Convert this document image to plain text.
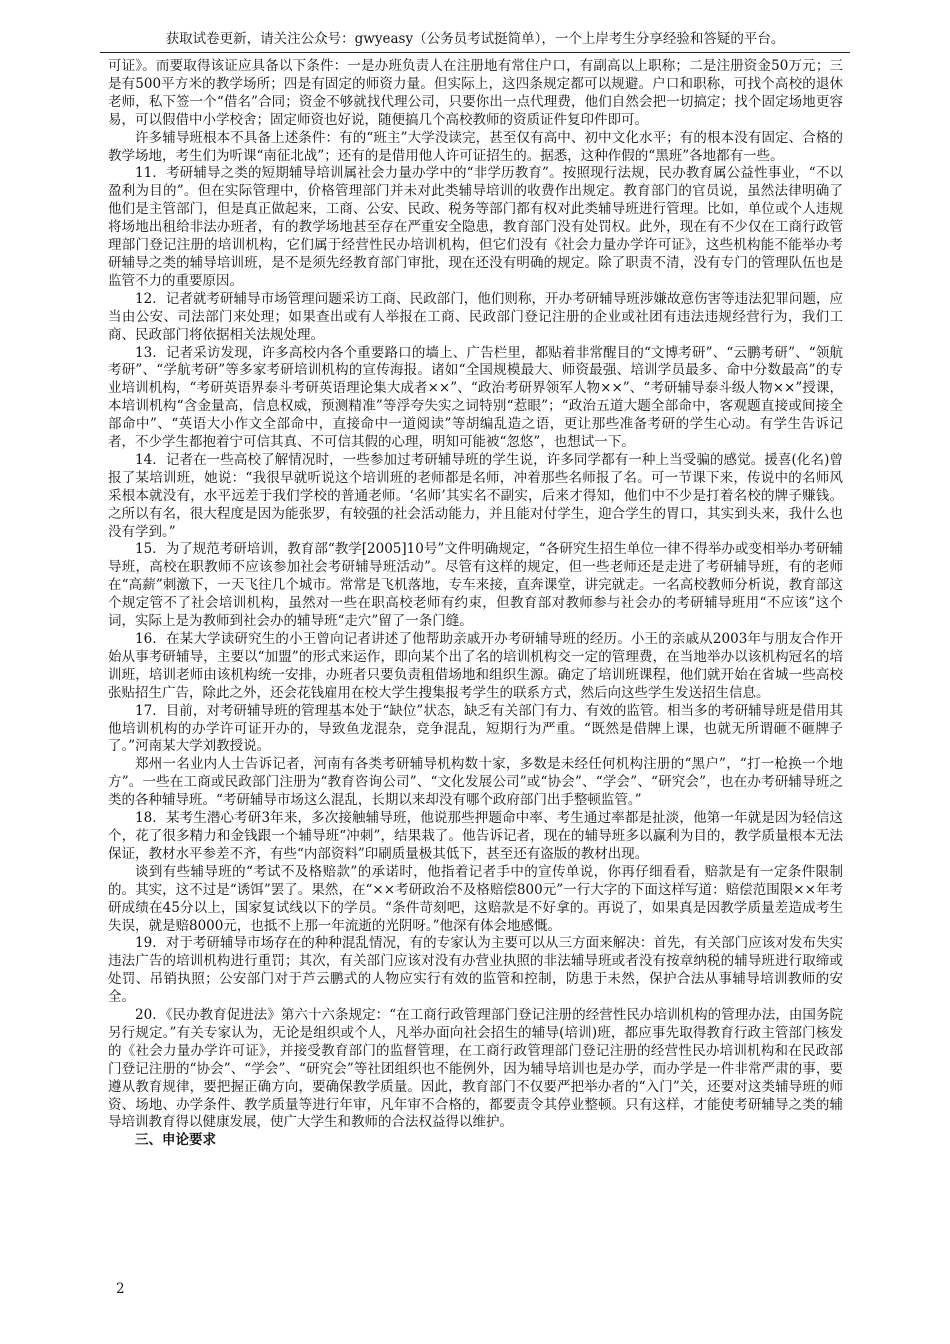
获取试卷更新，请关注公众号：gwyeasy（公务员考试挺简单），一个上岸考生分享经验和答疑的平台。

可证》。而要取得该证应具备以下条件：一是办班负责人在注册地有常住户口，有副高以上职称；二是注册资金50万元；三是有500平方米的教学场所；四是有固定的师资力量。但实际上，这四条规定都可以规避。户口和职称，可找个高校的退休老师，私下签一个“借名”合同；资金不够就找代理公司，只要你出一点代理费，他们自然会把一切搞定；找个固定场地更容易，可以假借中小学校舍；固定师资也好说，随便搞几个高校教师的资质证件复印件即可。

许多辅导班根本不具备上述条件：有的“班主”大学没读完，甚至仅有高中、初中文化水平；有的根本没有固定、合格的教学场地，考生们为听课“南征北战”；还有的是借用他人许可证招生的。据悉，这种作假的“黑班”各地都有一些。

11．考研辅导之类的短期辅导培训属社会力量办学中的“非学历教育”。按照现行法规，民办教育属公益性事业，“不以盈利为目的”。但在实际管理中，价格管理部门并未对此类辅导培训的收费作出规定。教育部门的官员说，虽然法律明确了他们是主管部门，但是真正做起来，工商、公安、民政、税务等部门都有权对此类辅导班进行管理。比如，单位或个人违规将场地出租给非法办班者，有的教学场地甚至存在严重安全隐患，教育部门没有处罚权。此外，现在有不少仅在工商行政管理部门登记注册的培训机构，它们属于经营性民办培训机构，但它们没有《社会力量办学许可证》，这些机构能不能举办考研辅导之类的辅导培训班，是不是须先经教育部门审批，现在还没有明确的规定。除了职责不清，没有专门的管理队伍也是监管不力的重要原因。

12．记者就考研辅导市场管理问题采访工商、民政部门，他们则称，开办考研辅导班涉嫌故意伤害等违法犯罪问题，应当由公安、司法部门来处理；如果查出或有人举报在工商、民政部门登记注册的企业或社团有违法违规经营行为，我们工商、民政部门将依据相关法规处理。

13．记者采访发现，许多高校内各个重要路口的墙上、广告栏里，都贴着非常醒目的“文博考研”、“云鹏考研”、“领航考研”、“学航考研”等多家考研培训机构的宣传海报。诸如“全国规模最大、师资最强、培训学员最多、命中分数最高”的专业培训机构，“考研英语界泰斗考研英语理论集大成者××”、“政治考研界领军人物××”、“考研辅导泰斗级人物××”授课，本培训机构“含金量高，信息权威，预测精准”等浮夸失实之词特别“惹眼”；“政治五道大题全部命中，客观题直接或间接全部命中”、“英语大小作文全部命中，直接命中一道阅读”等胡编乱造之语，更让那些准备考研的学生心动。有学生告诉记者，不少学生都抱着宁可信其真、不可信其假的心理，明知可能被“忽悠”，也想试一下。

14．记者在一些高校了解情况时，一些参加过考研辅导班的学生说，许多同学都有一种上当受骗的感觉。援喜(化名)曾报了某培训班，她说：“我很早就听说这个培训班的老师都是名师，冲着那些名师报了名。可一节课下来，传说中的名师风采根本就没有，水平远差于我们学校的普通老师。‘名师’其实名不副实，后来才得知，他们中不少是打着名校的牌子赚钱。之所以有名，很大程度是因为能张罗，有较强的社会活动能力，并且能对付学生，迎合学生的胃口，其实到头来，我什么也没有学到。”

15．为了规范考研培训，教育部“教学[2005]10号”文件明确规定，“各研究生招生单位一律不得举办或变相举办考研辅导班，高校在职教师不应该参加社会考研辅导班活动”。尽管有这样的规定，但一些老师还是走进了考研辅导班，有的老师在“高薪”刺激下，一天飞往几个城市。常常是飞机落地，专车来接，直奔课堂，讲完就走。一名高校教师分析说，教育部这个规定管不了社会培训机构，虽然对一些在职高校老师有约束，但教育部对教师参与社会办的考研辅导班用“不应该”这个词，实际上是为教师到社会办的辅导班“走穴”留了一条门缝。

16．在某大学读研究生的小王曾向记者讲述了他帮助亲戚开办考研辅导班的经历。小王的亲戚从2003年与朋友合作开始从事考研辅导，主要以“加盟”的形式来运作，即向某个出了名的培训机构交一定的管理费，在当地举办以该机构冠名的培训班，培训老师由该机构统一安排，办班者只要负责租借场地和组织生源。确定了培训班课程，他们就开始在省城一些高校张贴招生广告，除此之外，还会花钱雇用在校大学生搜集报考学生的联系方式，然后向这些学生发送招生信息。

17．目前，对考研辅导班的管理基本处于“缺位”状态，缺乏有关部门有力、有效的监管。相当多的考研辅导班是借用其他培训机构的办学许可证开办的，导致鱼龙混杂，竞争混乱，短期行为严重。“既然是借牌上课，也就无所谓砸不砸牌子了。”河南某大学刘教授说。

郑州一名业内人士告诉记者，河南有各类考研辅导机构数十家，多数是未经任何机构注册的“黑户”，“打一枪换一个地方”。一些在工商或民政部门注册为“教育咨询公司”、“文化发展公司”或“协会”、“学会”、“研究会”，也在办考研辅导班之类的各种辅导班。“考研辅导市场这么混乱，长期以来却没有哪个政府部门出手整顿监管。”

18．某考生潜心考研3年来，多次接触辅导班，他说那些押题命中率、考生通过率都是扯淡，他第一年就是因为轻信这个，花了很多精力和金钱跟一个辅导班“冲刺”，结果栽了。他告诉记者，现在的辅导班多以赢利为目的，教学质量根本无法保证，教材水平参差不齐，有些“内部资料”印刷质量极其低下，甚至还有盗版的教材出现。

谈到有些辅导班的“考试不及格赔款”的承诺时，他指着记者手中的宣传单说，你再仔细看看，赔款是有一定条件限制的。其实，这不过是“诱饵”罢了。果然，在“××考研政治不及格赔偿800元”一行大字的下面这样写道：赔偿范围限××年考研成绩在45分以上，国家复试线以下的学员。“条件苛刻吧，这赔款是不好拿的。再说了，如果真是因教学质量差造成考生失误，就是赔8000元，也抵不上那一年流逝的光阴呀。”他深有体会地感慨。

19．对于考研辅导市场存在的种种混乱情况，有的专家认为主要可以从三方面来解决：首先，有关部门应该对发布失实违法广告的培训机构进行重罚；其次，有关部门应该对没有办营业执照的非法辅导班或者没有按章纳税的辅导班进行取缔或处罚、吊销执照；公安部门对于芦云鹏式的人物应实行有效的监管和控制，防患于未然，保护合法从事辅导培训教师的安全。

20．《民办教育促进法》第六十六条规定：“在工商行政管理部门登记注册的经营性民办培训机构的管理办法，由国务院另行规定。”有关专家认为，无论是组织或个人，凡举办面向社会招生的辅导(培训)班，都应事先取得教育行政主管部门核发的《社会力量办学许可证》，并接受教育部门的监督管理，在工商行政管理部门登记注册的经营性民办培训机构和在民政部门登记注册的“协会”、“学会”、“研究会”等社团组织也不能例外，因为辅导培训也是办学，而办学是一件非常严肃的事，要遵从教育规律，要把握正确方向，要确保教学质量。因此，教育部门不仅要严把举办者的“入门”关，还要对这类辅导班的师资、场地、办学条件、教学质量等进行年审，凡年审不合格的，都要责令其停业整顿。只有这样，才能使考研辅导之类的辅导培训教育得以健康发展，使广大学生和教师的合法权益得以维护。

三、申论要求

2
